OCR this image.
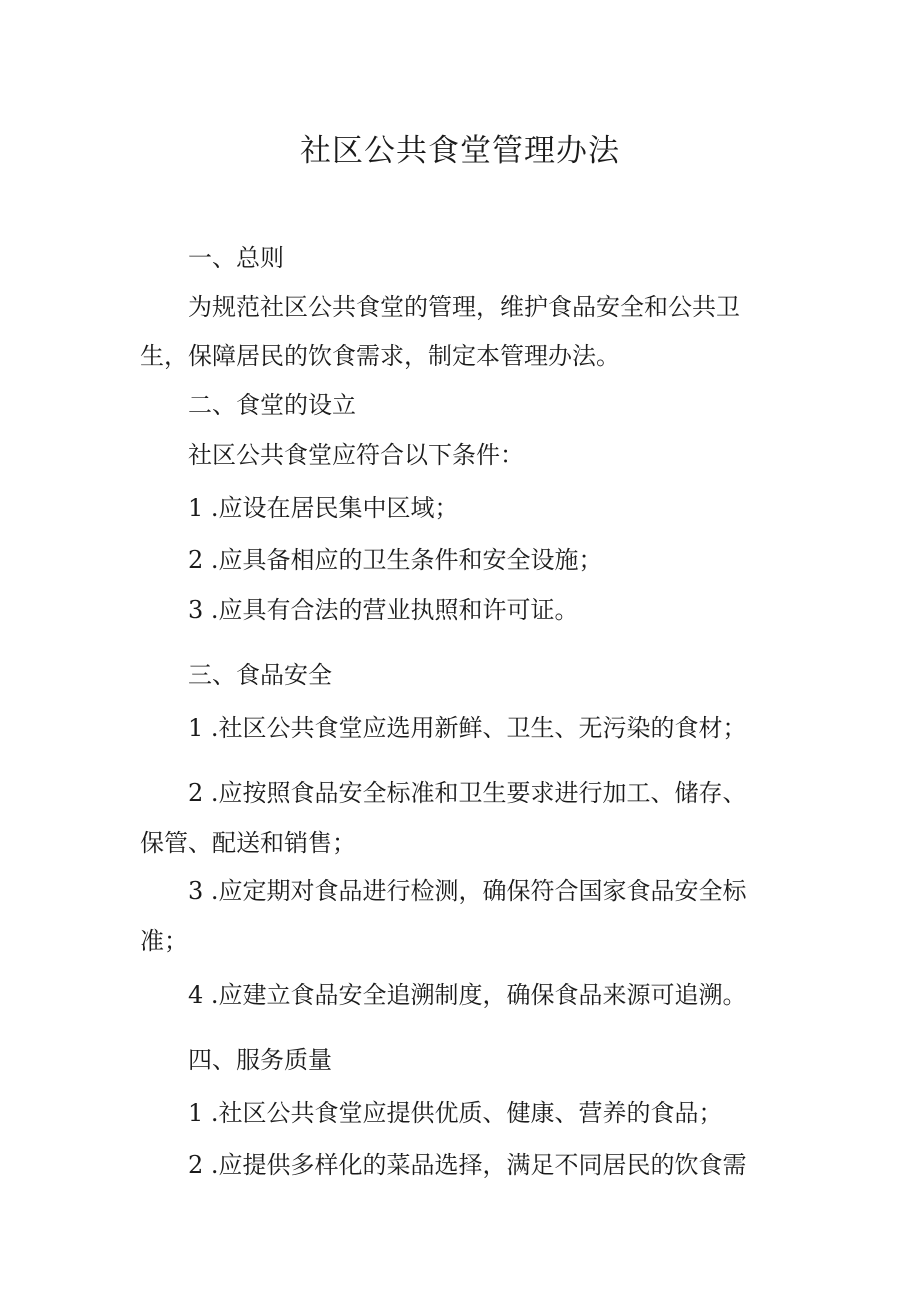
社区公共食堂管理办法
一、总则
为规范社区公共食堂的管理，维护食品安全和公共卫
生，保障居民的饮食需求，制定本管理办法。
二、食堂的设立
社区公共食堂应符合以下条件：
1 .应设在居民集中区域；
2 .应具备相应的卫生条件和安全设施；
3 .应具有合法的营业执照和许可证。
三、食品安全
1 .社区公共食堂应选用新鲜、卫生、无污染的食材；
2 .应按照食品安全标准和卫生要求进行加工、储存、
保管、配送和销售；
3 .应定期对食品进行检测，确保符合国家食品安全标
准；
4 .应建立食品安全追溯制度，确保食品来源可追溯。
四、服务质量
1 .社区公共食堂应提供优质、健康、营养的食品；
2 .应提供多样化的菜品选择，满足不同居民的饮食需
